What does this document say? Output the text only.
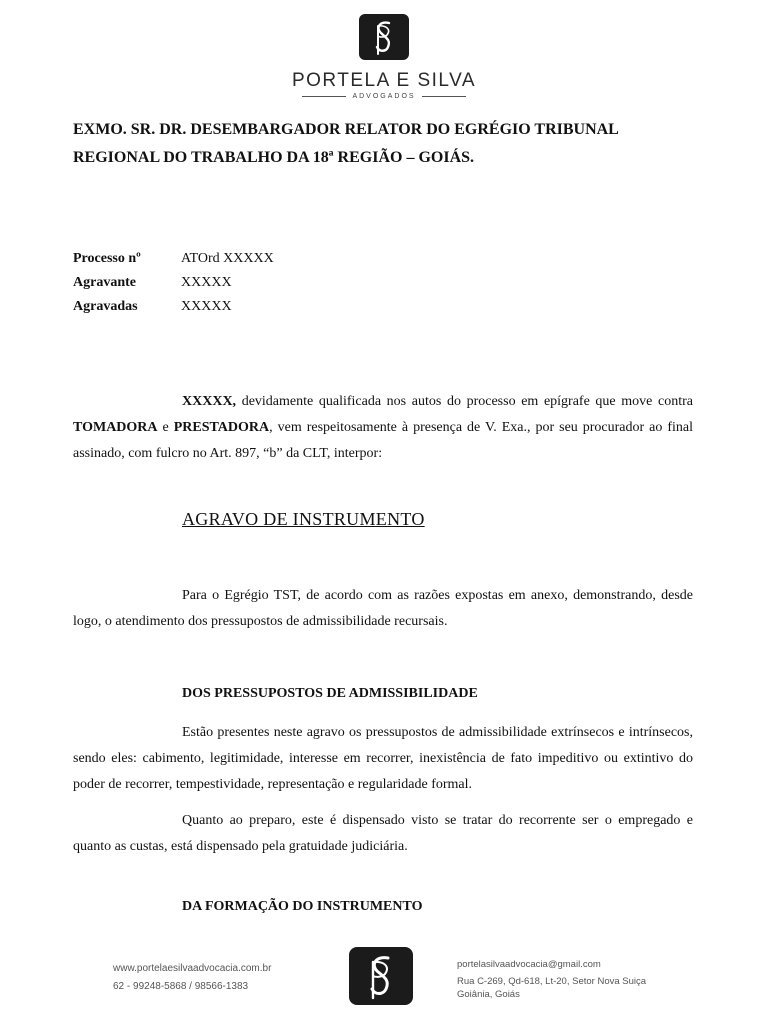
PORTELA E SILVA
ADVOGADOS
EXMO. SR. DR. DESEMBARGADOR RELATOR DO EGRÉGIO TRIBUNAL
REGIONAL DO TRABALHO DA 18ª REGIÃO – GOIÁS.
Processo nº	ATOrd XXXXX
Agravante	XXXXX
Agravadas	XXXXX

XXXXX, devidamente qualificada nos autos do processo em epígrafe que move contra TOMADORA e PRESTADORA, vem respeitosamente à presença de V. Exa., por seu procurador ao final assinado, com fulcro no Art. 897, “b” da CLT, interpor:

AGRAVO DE INSTRUMENTO

Para o Egrégio TST, de acordo com as razões expostas em anexo, demonstrando, desde logo, o atendimento dos pressupostos de admissibilidade recursais.

DOS PRESSUPOSTOS DE ADMISSIBILIDADE

Estão presentes neste agravo os pressupostos de admissibilidade extrínsecos e intrínsecos, sendo eles: cabimento, legitimidade, interesse em recorrer, inexistência de fato impeditivo ou extintivo do poder de recorrer, tempestividade, representação e regularidade formal.

Quanto ao preparo, este é dispensado visto se tratar do recorrente ser o empregado e quanto as custas, está dispensado pela gratuidade judiciária.

DA FORMAÇÃO DO INSTRUMENTO
www.portelaesilvaadvocacia.com.br
62 - 99248-5868 / 98566-1383
portelasilvaadvocacia@gmail.com
Rua C-269, Qd-618, Lt-20, Setor Nova Suiça
Goiânia, Goiás
